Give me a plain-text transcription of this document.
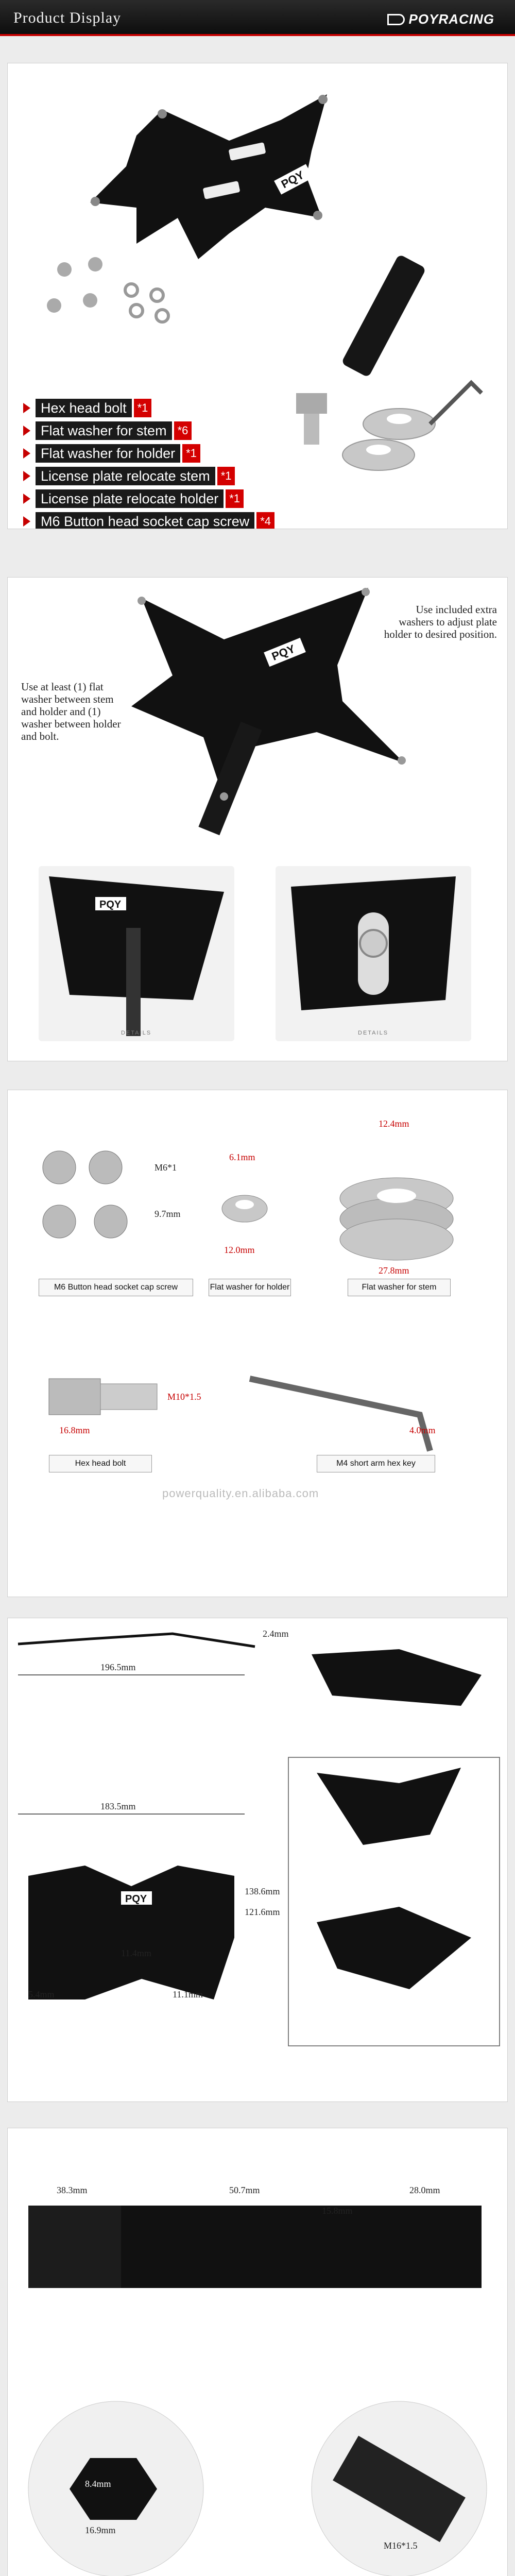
Product Display	POYRACING
PQY
Hex head bolt *1
Flat washer for stem *6
Flat washer for holder *1
License plate relocate stem *1
License plate relocate holder *1
M6 Button head socket cap screw *4
PQY
Use at least (1) flat washer between stem and holder and (1) washer between holder and bolt.
Use included extra washers to adjust plate holder to desired position.
PQY
DETAILS	DETAILS
M6*1
9.7mm
M6 Button head socket cap screw
6.1mm
12.0mm
Flat washer for holder
12.4mm
27.8mm
Flat washer for stem
M10*1.5
16.8mm
Hex head bolt
4.0mm
M4 short arm hex key
powerquality.en.alibaba.com
PQY
2.4mm
196.5mm
183.5mm
138.6mm
121.6mm
11.4mm
11.1mm
5.4mm
38.3mm	50.7mm
15.8mm
28.0mm
8.4mm
16.9mm
M16*1.5
